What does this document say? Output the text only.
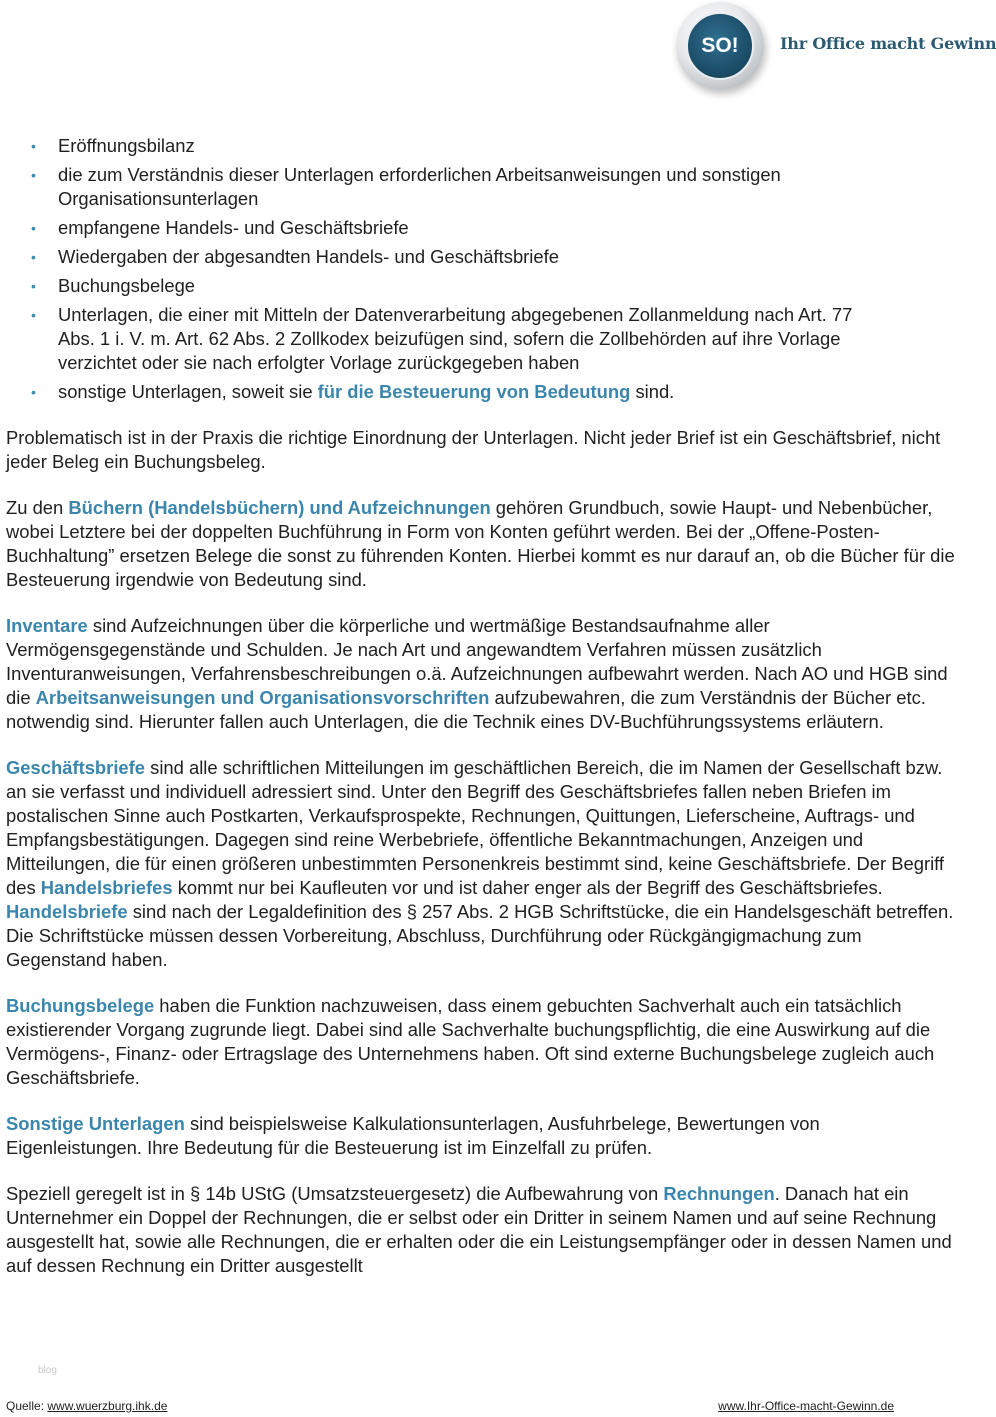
SO!	Ihr Office macht Gewinn
• Eröffnungsbilanz
• die zum Verständnis dieser Unterlagen erforderlichen Arbeitsanweisungen und sonstigen Organisationsunterlagen
• empfangene Handels- und Geschäftsbriefe
• Wiedergaben der abgesandten Handels- und Geschäftsbriefe
• Buchungsbelege
• Unterlagen, die einer mit Mitteln der Datenverarbeitung abgegebenen Zollanmeldung nach Art. 77 Abs. 1 i. V. m. Art. 62 Abs. 2 Zollkodex beizufügen sind, sofern die Zollbehörden auf ihre Vorlage verzichtet oder sie nach erfolgter Vorlage zurückgegeben haben
• sonstige Unterlagen, soweit sie für die Besteuerung von Bedeutung sind.

Problematisch ist in der Praxis die richtige Einordnung der Unterlagen. Nicht jeder Brief ist ein Geschäftsbrief, nicht jeder Beleg ein Buchungsbeleg.

Zu den Büchern (Handelsbüchern) und Aufzeichnungen gehören Grundbuch, sowie Haupt- und Nebenbücher, wobei Letztere bei der doppelten Buchführung in Form von Konten geführt werden. Bei der „Offene-Posten-Buchhaltung” ersetzen Belege die sonst zu führenden Konten. Hierbei kommt es nur darauf an, ob die Bücher für die Besteuerung irgendwie von Bedeutung sind.

Inventare sind Aufzeichnungen über die körperliche und wertmäßige Bestandsaufnahme aller Vermögensgegenstände und Schulden. Je nach Art und angewandtem Verfahren müssen zusätzlich Inventuranweisungen, Verfahrensbeschreibungen o.ä. Aufzeichnungen aufbewahrt werden. Nach AO und HGB sind die Arbeitsanweisungen und Organisationsvorschriften aufzubewahren, die zum Verständnis der Bücher etc. notwendig sind. Hierunter fallen auch Unterlagen, die die Technik eines DV-Buchführungssystems erläutern.

Geschäftsbriefe sind alle schriftlichen Mitteilungen im geschäftlichen Bereich, die im Namen der Gesellschaft bzw. an sie verfasst und individuell adressiert sind. Unter den Begriff des Geschäftsbriefes fallen neben Briefen im postalischen Sinne auch Postkarten, Verkaufsprospekte, Rechnungen, Quittungen, Lieferscheine, Auftrags- und Empfangsbestätigungen. Dagegen sind reine Werbebriefe, öffentliche Bekanntmachungen, Anzeigen und Mitteilungen, die für einen größeren unbestimmten Personenkreis bestimmt sind, keine Geschäftsbriefe. Der Begriff des Handelsbriefes kommt nur bei Kaufleuten vor und ist daher enger als der Begriff des Geschäftsbriefes. Handelsbriefe sind nach der Legaldefinition des § 257 Abs. 2 HGB Schriftstücke, die ein Handelsgeschäft betreffen. Die Schriftstücke müssen dessen Vorbereitung, Abschluss, Durchführung oder Rückgängigmachung zum Gegenstand haben.

Buchungsbelege haben die Funktion nachzuweisen, dass einem gebuchten Sachverhalt auch ein tatsächlich existierender Vorgang zugrunde liegt. Dabei sind alle Sachverhalte buchungspflichtig, die eine Auswirkung auf die Vermögens-, Finanz- oder Ertragslage des Unternehmens haben. Oft sind externe Buchungsbelege zugleich auch Geschäftsbriefe.

Sonstige Unterlagen sind beispielsweise Kalkulationsunterlagen, Ausfuhrbelege, Bewertungen von Eigenleistungen. Ihre Bedeutung für die Besteuerung ist im Einzelfall zu prüfen.

Speziell geregelt ist in § 14b UStG (Umsatzsteuergesetz) die Aufbewahrung von Rechnungen. Danach hat ein Unternehmer ein Doppel der Rechnungen, die er selbst oder ein Dritter in seinem Namen und auf seine Rechnung ausgestellt hat, sowie alle Rechnungen, die er erhalten oder die ein Leistungsempfänger oder in dessen Namen und auf dessen Rechnung ein Dritter ausgestellt

blog
Quelle: www.wuerzburg.ihk.de	www.Ihr-Office-macht-Gewinn.de
